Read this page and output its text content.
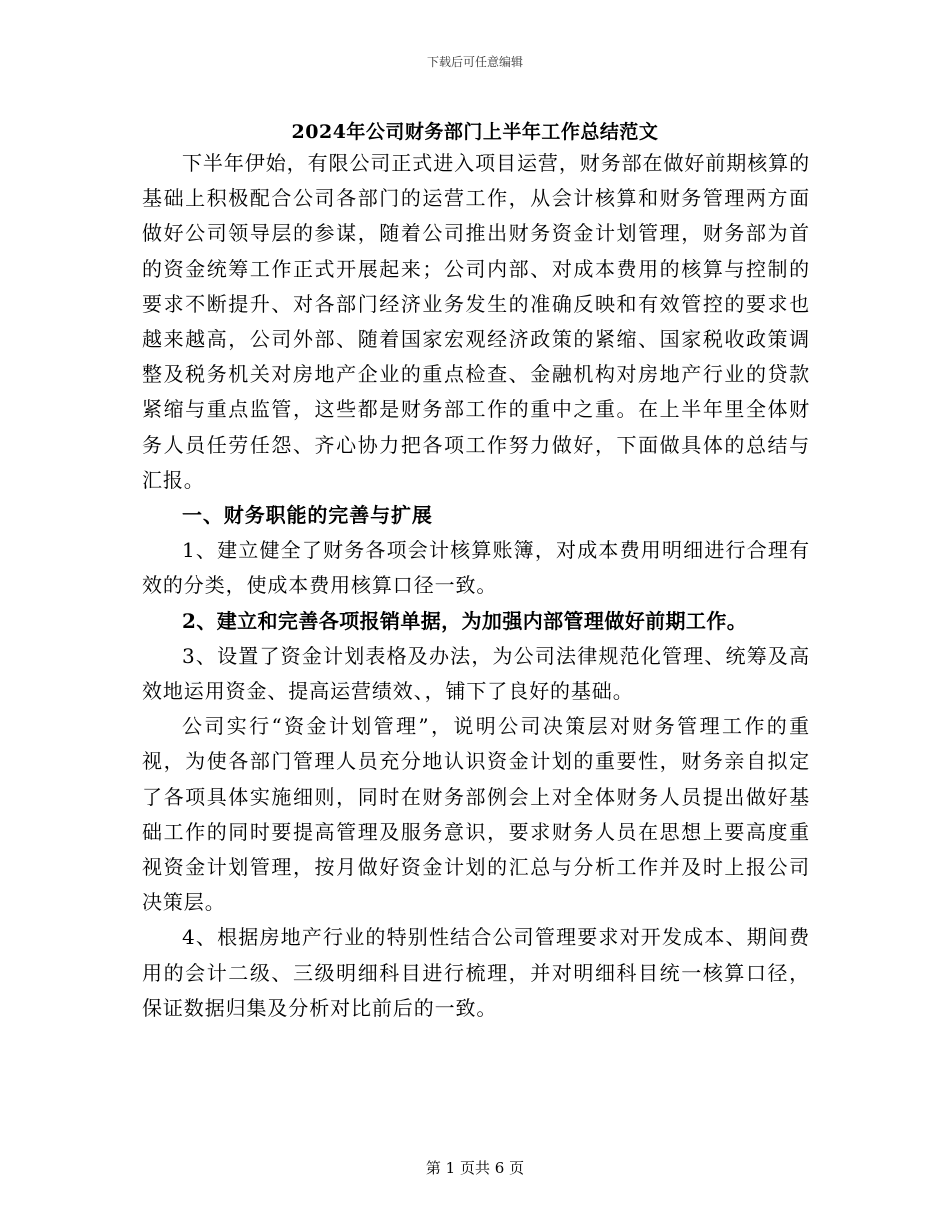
下载后可任意编辑
2024年公司财务部门上半年工作总结范文

下半年伊始，有限公司正式进入项目运营，财务部在做好前期核算的基础上积极配合公司各部门的运营工作，从会计核算和财务管理两方面做好公司领导层的参谋，随着公司推出财务资金计划管理，财务部为首的资金统筹工作正式开展起来；公司内部、对成本费用的核算与控制的要求不断提升、对各部门经济业务发生的准确反映和有效管控的要求也越来越高，公司外部、随着国家宏观经济政策的紧缩、国家税收政策调整及税务机关对房地产企业的重点检查、金融机构对房地产行业的贷款紧缩与重点监管，这些都是财务部工作的重中之重。在上半年里全体财务人员任劳任怨、齐心协力把各项工作努力做好，下面做具体的总结与汇报。

一、财务职能的完善与扩展

1、建立健全了财务各项会计核算账簿，对成本费用明细进行合理有效的分类，使成本费用核算口径一致。

2、建立和完善各项报销单据，为加强内部管理做好前期工作。

3、设置了资金计划表格及办法，为公司法律规范化管理、统筹及高效地运用资金、提高运营绩效、，铺下了良好的基础。

公司实行“资金计划管理”，说明公司决策层对财务管理工作的重视，为使各部门管理人员充分地认识资金计划的重要性，财务亲自拟定了各项具体实施细则，同时在财务部例会上对全体财务人员提出做好基础工作的同时要提高管理及服务意识，要求财务人员在思想上要高度重视资金计划管理，按月做好资金计划的汇总与分析工作并及时上报公司决策层。

4、根据房地产行业的特别性结合公司管理要求对开发成本、期间费用的会计二级、三级明细科目进行梳理，并对明细科目统一核算口径，保证数据归集及分析对比前后的一致。

第 1 页共 6 页
